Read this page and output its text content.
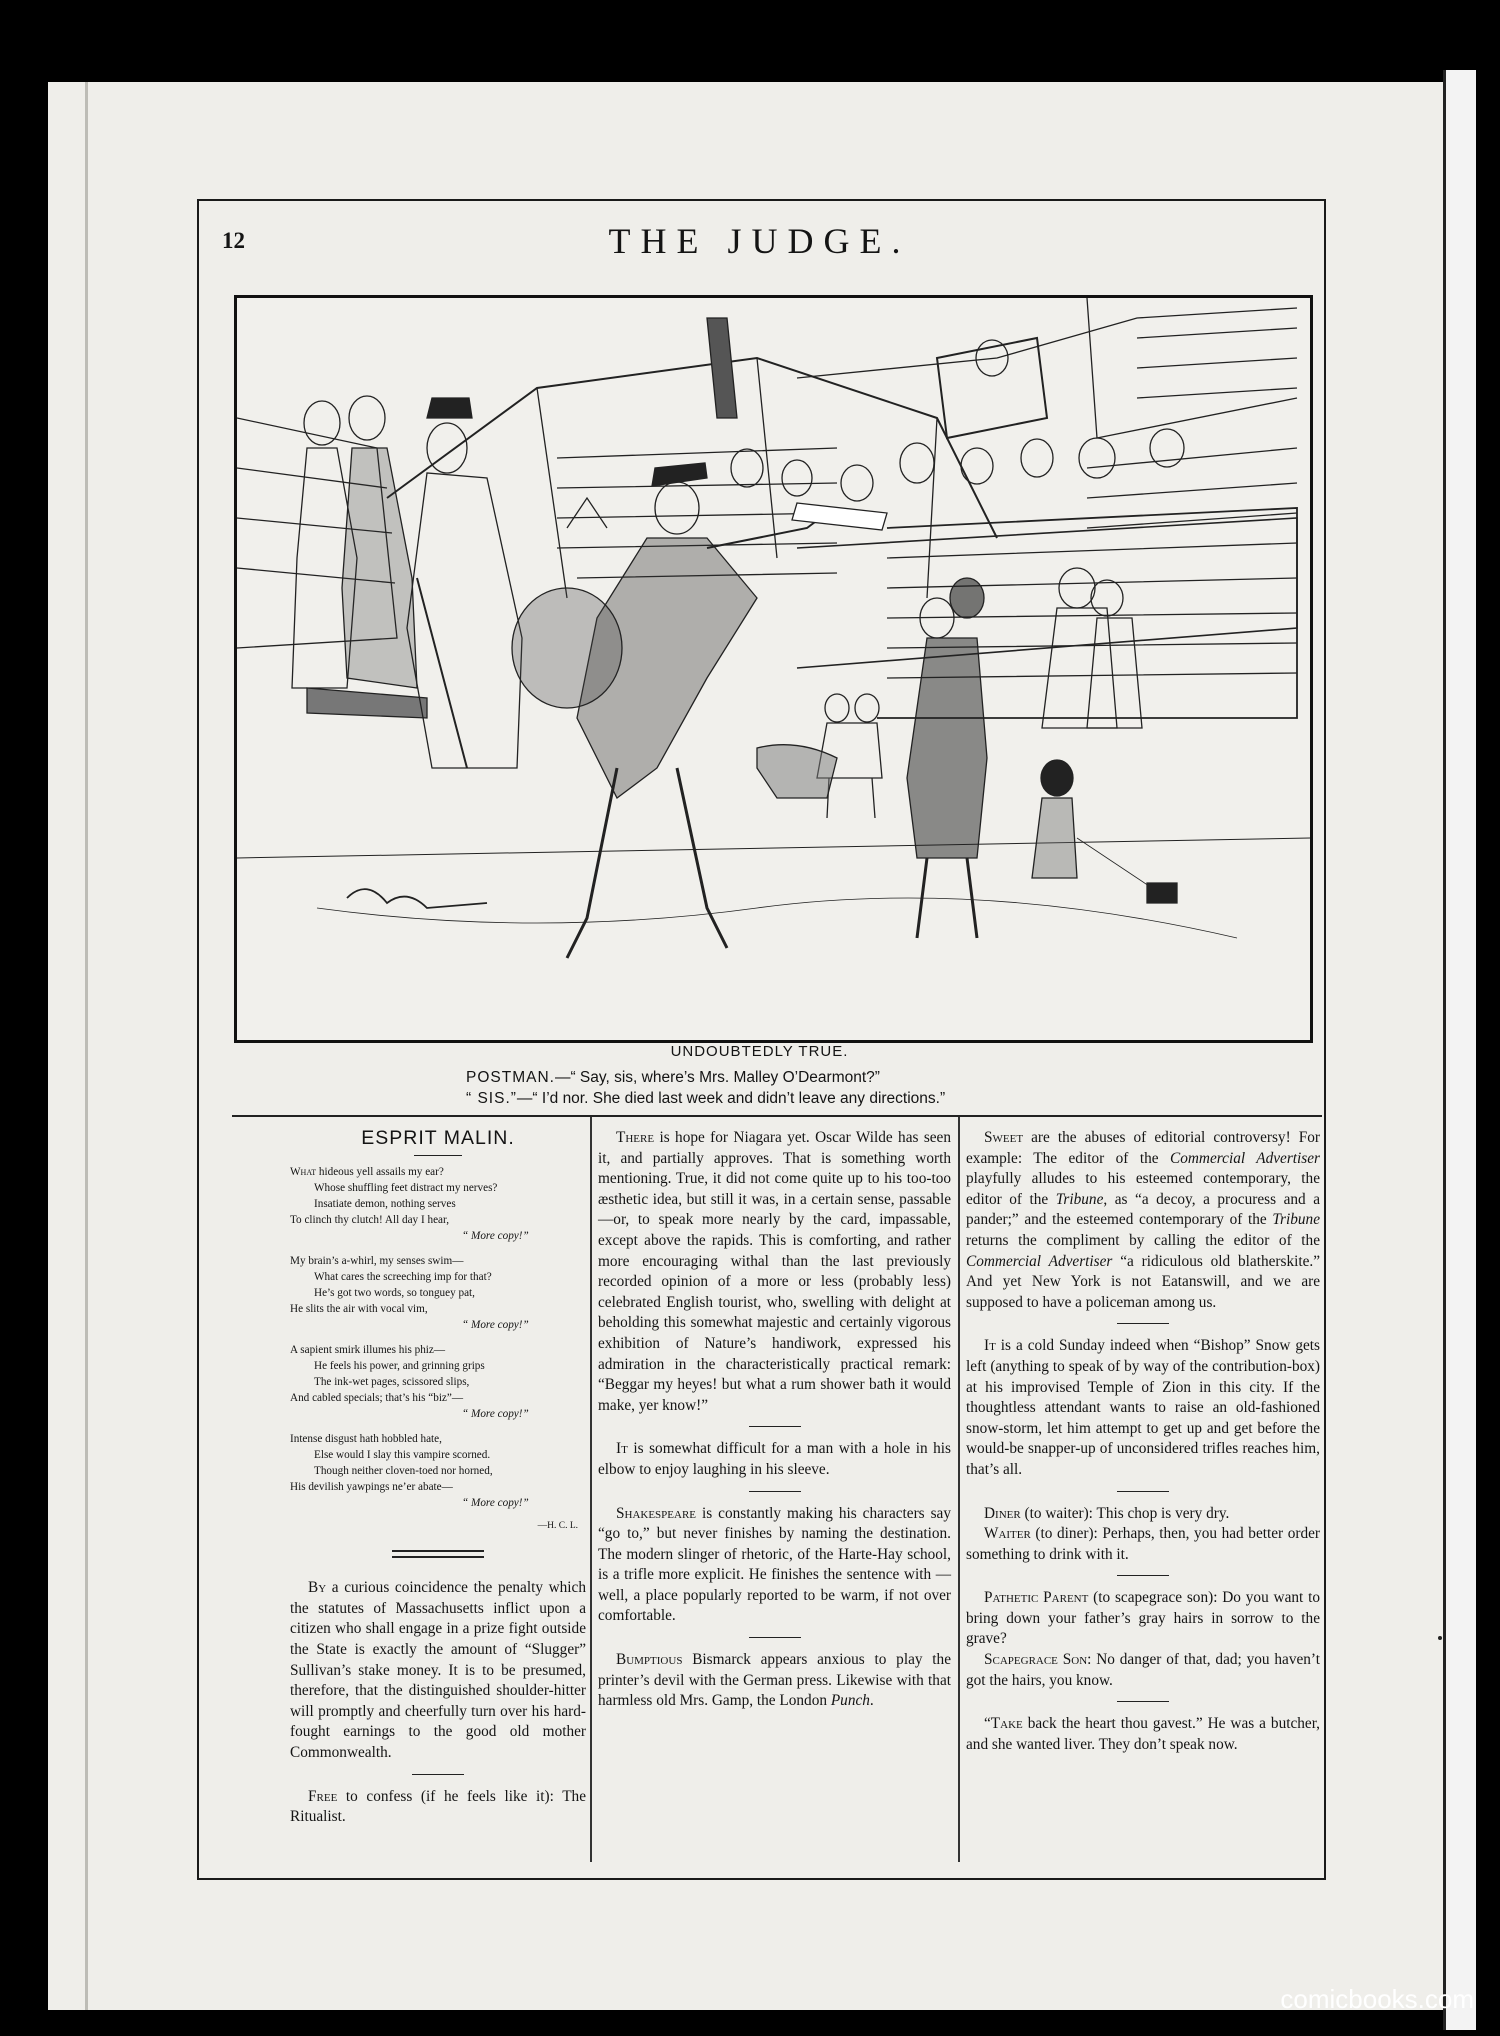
12	THE JUDGE.
UNDOUBTEDLY TRUE.
POSTMAN.—“ Say, sis, where’s Mrs. Malley O’Dearmont?”
“ SIS.”—“ I’d nor. She died last week and didn’t leave any directions.”
ESPRIT MALIN.
What hideous yell assails my ear?
Whose shuffling feet distract my nerves?
Insatiate demon, nothing serves
To clinch thy clutch! All day I hear,
“ More copy!”
My brain’s a-whirl, my senses swim—
What cares the screeching imp for that?
He’s got two words, so tonguey pat,
He slits the air with vocal vim,
“ More copy!”
A sapient smirk illumes his phiz—
He feels his power, and grinning grips
The ink-wet pages, scissored slips,
And cabled specials; that’s his “biz”—
“ More copy!”
Intense disgust hath hobbled hate,
Else would I slay this vampire scorned.
Though neither cloven-toed nor horned,
His devilish yawpings ne’er abate—
“ More copy!”
—H. C. L.

By a curious coincidence the penalty which the statutes of Massachusetts inflict upon a citizen who shall engage in a prize fight outside the State is exactly the amount of “Slugger” Sullivan’s stake money. It is to be presumed, therefore, that the distinguished shoulder-hitter will promptly and cheerfully turn over his hard-fought earnings to the good old mother Commonwealth.

Free to confess (if he feels like it): The Ritualist.

There is hope for Niagara yet. Oscar Wilde has seen it, and partially approves. That is something worth mentioning. True, it did not come quite up to his too-too æsthetic idea, but still it was, in a certain sense, passable—or, to speak more nearly by the card, impassable, except above the rapids. This is comforting, and rather more encouraging withal than the last previously recorded opinion of a more or less (probably less) celebrated English tourist, who, swelling with delight at beholding this somewhat majestic and certainly vigorous exhibition of Nature’s handiwork, expressed his admiration in the characteristically practical remark: “Beggar my heyes! but what a rum shower bath it would make, yer know!”

It is somewhat difficult for a man with a hole in his elbow to enjoy laughing in his sleeve.

Shakespeare is constantly making his characters say “go to,” but never finishes by naming the destination. The modern slinger of rhetoric, of the Harte-Hay school, is a trifle more explicit. He finishes the sentence with —well, a place popularly reported to be warm, if not over comfortable.

Bumptious Bismarck appears anxious to play the printer’s devil with the German press. Likewise with that harmless old Mrs. Gamp, the London Punch.

Sweet are the abuses of editorial controversy! For example: The editor of the Commercial Advertiser playfully alludes to his esteemed contemporary, the editor of the Tribune, as “a decoy, a procuress and a pander;” and the esteemed contemporary of the Tribune returns the compliment by calling the editor of the Commercial Advertiser “a ridiculous old blatherskite.” And yet New York is not Eatanswill, and we are supposed to have a policeman among us.

It is a cold Sunday indeed when “Bishop” Snow gets left (anything to speak of by way of the contribution-box) at his improvised Temple of Zion in this city. If the thoughtless attendant wants to raise an old-fashioned snow-storm, let him attempt to get up and get before the would-be snapper-up of unconsidered trifles reaches him, that’s all.

Diner (to waiter): This chop is very dry.

Waiter (to diner): Perhaps, then, you had better order something to drink with it.

Pathetic Parent (to scapegrace son): Do you want to bring down your father’s gray hairs in sorrow to the grave?

Scapegrace Son: No danger of that, dad; you haven’t got the hairs, you know.

“Take back the heart thou gavest.” He was a butcher, and she wanted liver. They don’t speak now.

comicbooks.com
